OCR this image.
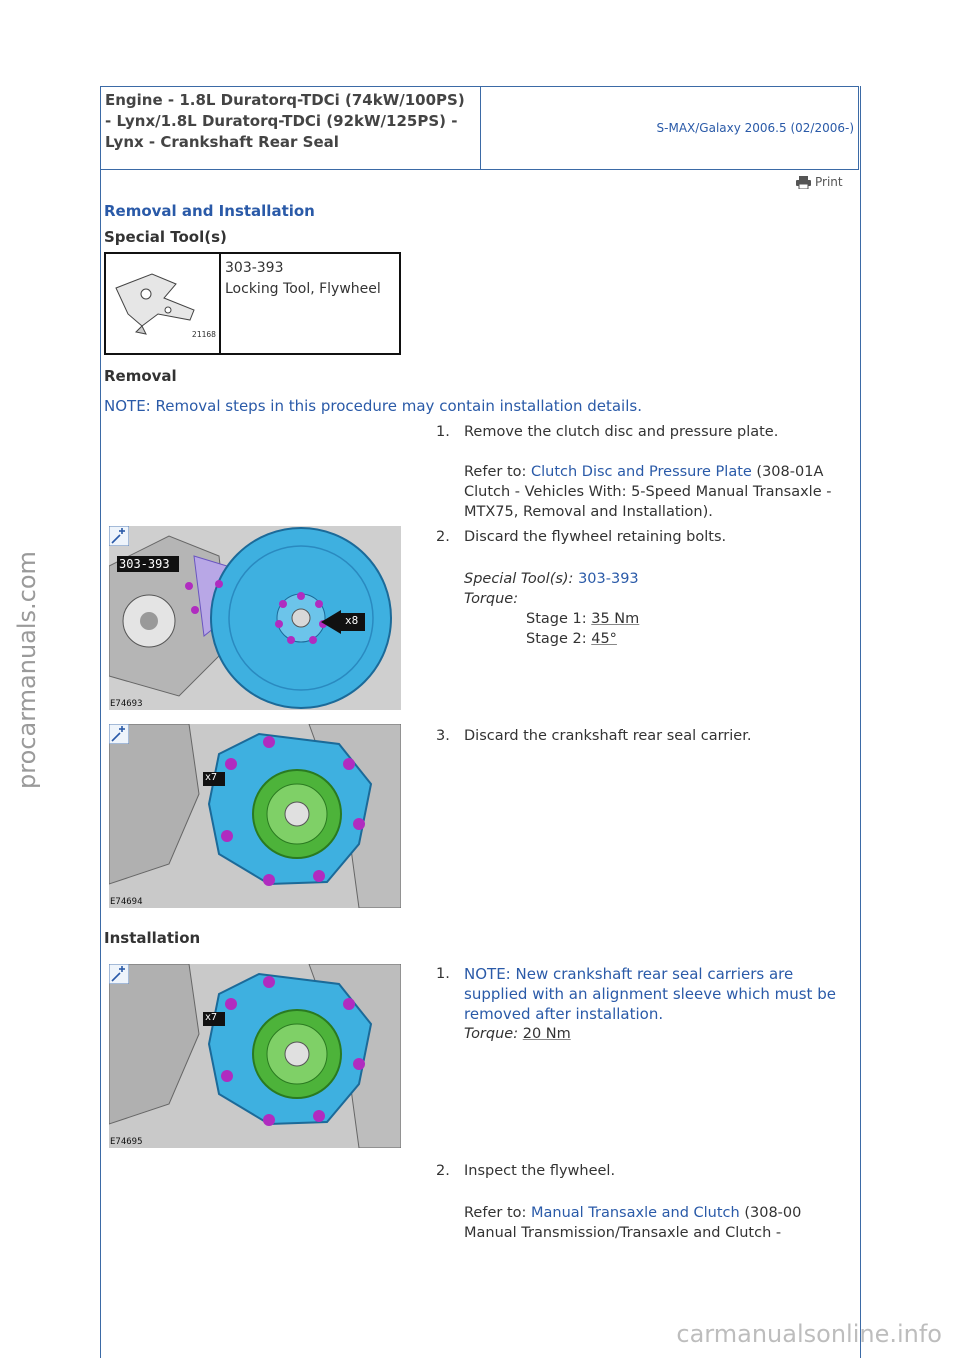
Engine - 1.8L Duratorq-TDCi (74kW/100PS) - Lynx/1.8L Duratorq-TDCi (92kW/125PS) - Lynx - Crankshaft Rear Seal
S-MAX/Galaxy 2006.5 (02/2006-)
Print
Removal and Installation
Special Tool(s)
21168
303-393
Locking Tool, Flywheel
Removal
NOTE: Removal steps in this procedure may contain installation details.
1. Remove the clutch disc and pressure plate.
Refer to: Clutch Disc and Pressure Plate (308-01A Clutch - Vehicles With: 5-Speed Manual Transaxle - MTX75, Removal and Installation).
303-393
x8
E74693
2. Discard the flywheel retaining bolts.
Special Tool(s): 303-393
Torque:
Stage 1: 35 Nm
Stage 2: 45°
x7
E74694
3. Discard the crankshaft rear seal carrier.
Installation
x7
E74695
1. NOTE: New crankshaft rear seal carriers are supplied with an alignment sleeve which must be removed after installation.
Torque: 20 Nm
2. Inspect the flywheel.
Refer to: Manual Transaxle and Clutch (308-00 Manual Transmission/Transaxle and Clutch -
procarmanuals.com
carmanualsonline.info
